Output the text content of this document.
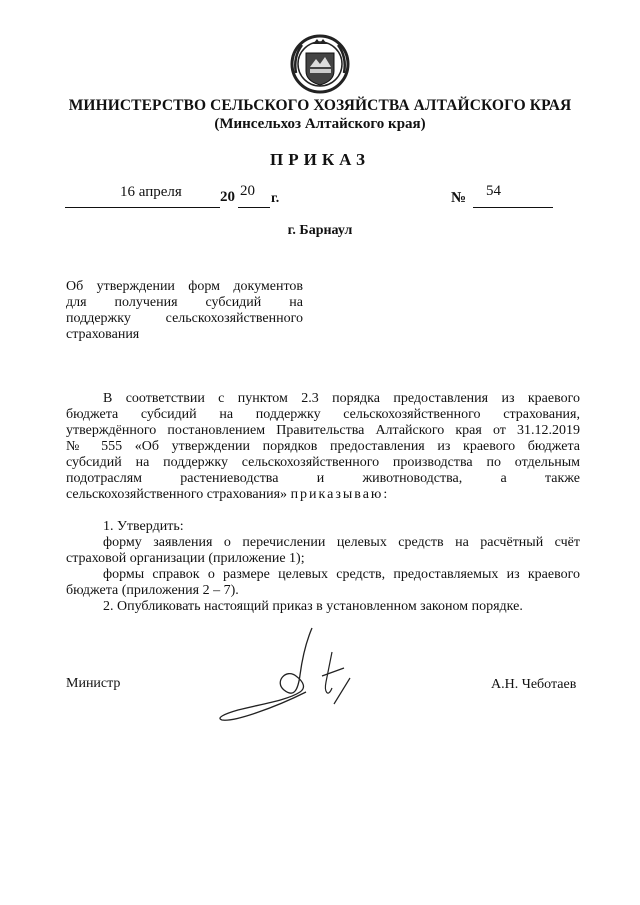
МИНИСТЕРСТВО СЕЛЬСКОГО ХОЗЯЙСТВА АЛТАЙСКОГО КРАЯ
(Минсельхоз Алтайского края)
ПРИКАЗ
16 апреля	20 20 г.	№ 54
г. Барнаул
Об утверждении форм документов
для получения субсидий на
поддержку сельскохозяйственного
страхования
В соответствии с пунктом 2.3 порядка предоставления из краевого
бюджета субсидий на поддержку сельскохозяйственного страхования,
утверждённого постановлением Правительства Алтайского края от 31.12.2019
№ 555 «Об утверждении порядков предоставления из краевого бюджета
субсидий на поддержку сельскохозяйственного производства по отдельным
подотраслям растениеводства и животноводства, а также
сельскохозяйственного страхования» приказываю:
1. Утвердить:
форму заявления о перечислении целевых средств на расчётный счёт
страховой организации (приложение 1);
формы справок о размере целевых средств, предоставляемых из краевого
бюджета (приложения 2 – 7).
2. Опубликовать настоящий приказ в установленном законом порядке.
Министр	А.Н. Чеботаев
